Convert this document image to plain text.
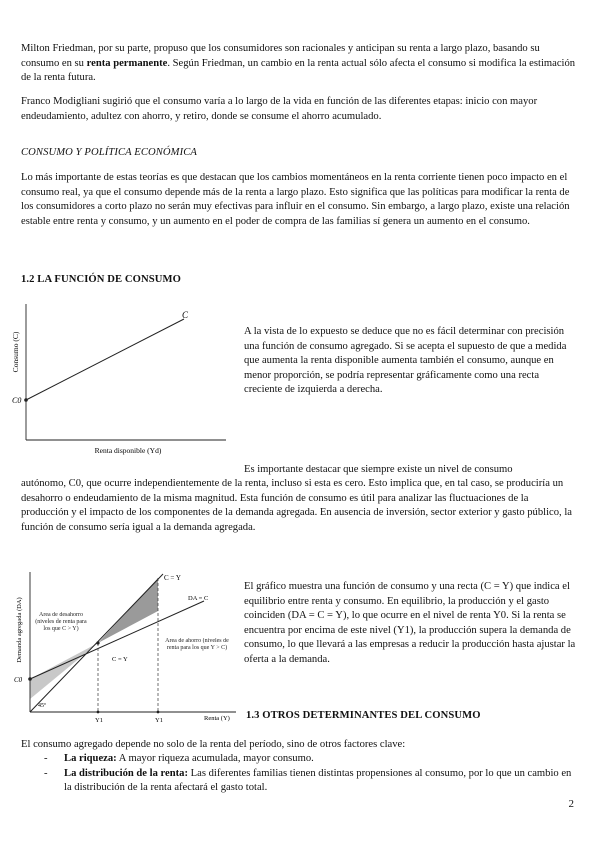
Milton Friedman, por su parte, propuso que los consumidores son racionales y anticipan su renta a largo plazo, basando su consumo en su renta permanente. Según Friedman, un cambio en la renta actual sólo afecta el consumo si modifica la estimación de la renta futura.

Franco Modigliani sugirió que el consumo varía a lo largo de la vida en función de las diferentes etapas: inicio con mayor endeudamiento, adultez con ahorro, y retiro, donde se consume el ahorro acumulado.

CONSUMO Y POLÍTICA ECONÓMICA

Lo más importante de estas teorías es que destacan que los cambios momentáneos en la renta corriente tienen poco impacto en el consumo real, ya que el consumo depende más de la renta a largo plazo. Esto significa que las políticas para modificar la renta de los consumidores a corto plazo no serán muy efectivas para influir en el consumo. Sin embargo, a largo plazo, existe una relación estable entre renta y consumo, y un aumento en el poder de compra de las familias sí genera un aumento en el consumo.

1.2 LA FUNCIÓN DE CONSUMO

C
C0
Consumo (C)
Renta disponible (Yd)

A la vista de lo expuesto se deduce que no es fácil determinar con precisión una función de consumo agregado. Si se acepta el supuesto de que a medida que aumenta la renta disponible aumenta también el consumo, aunque en menor proporción, se podría representar gráficamente como una recta creciente de izquierda a derecha.

Es importante destacar que siempre existe un nivel de consumo

autónomo, C0, que ocurre independientemente de la renta, incluso si esta es cero. Esto implica que, en tal caso, se produciría un desahorro o endeudamiento de la misma magnitud. Esta función de consumo es útil para analizar las fluctuaciones de la producción y el impacto de los componentes de la demanda agregada. En ausencia de inversión, sector exterior y gasto público, la función de consumo sería igual a la demanda agregada.

C = Y
DA = C
C = Y
C0
45º
Y1	Y1	Renta (Y)
Demanda agregada (DA)	Área de desahorro (niveles de renta para los que C > Y)
Área de ahorro (niveles de renta para los que Y > C)

El gráfico muestra una función de consumo y una recta (C = Y) que indica el equilibrio entre renta y consumo. En equilibrio, la producción y el gasto coinciden (DA = C = Y), lo que ocurre en el nivel de renta Y0. Si la renta se encuentra por encima de este nivel (Y1), la producción supera la demanda de consumo, lo que llevará a las empresas a reducir la producción hasta ajustar la oferta a la demanda.

1.3 OTROS DETERMINANTES DEL CONSUMO

El consumo agregado depende no solo de la renta del período, sino de otros factores clave:

- La riqueza: A mayor riqueza acumulada, mayor consumo.
- La distribución de la renta: Las diferentes familias tienen distintas propensiones al consumo, por lo que un cambio en la distribución de la renta afectará el gasto total.
2
